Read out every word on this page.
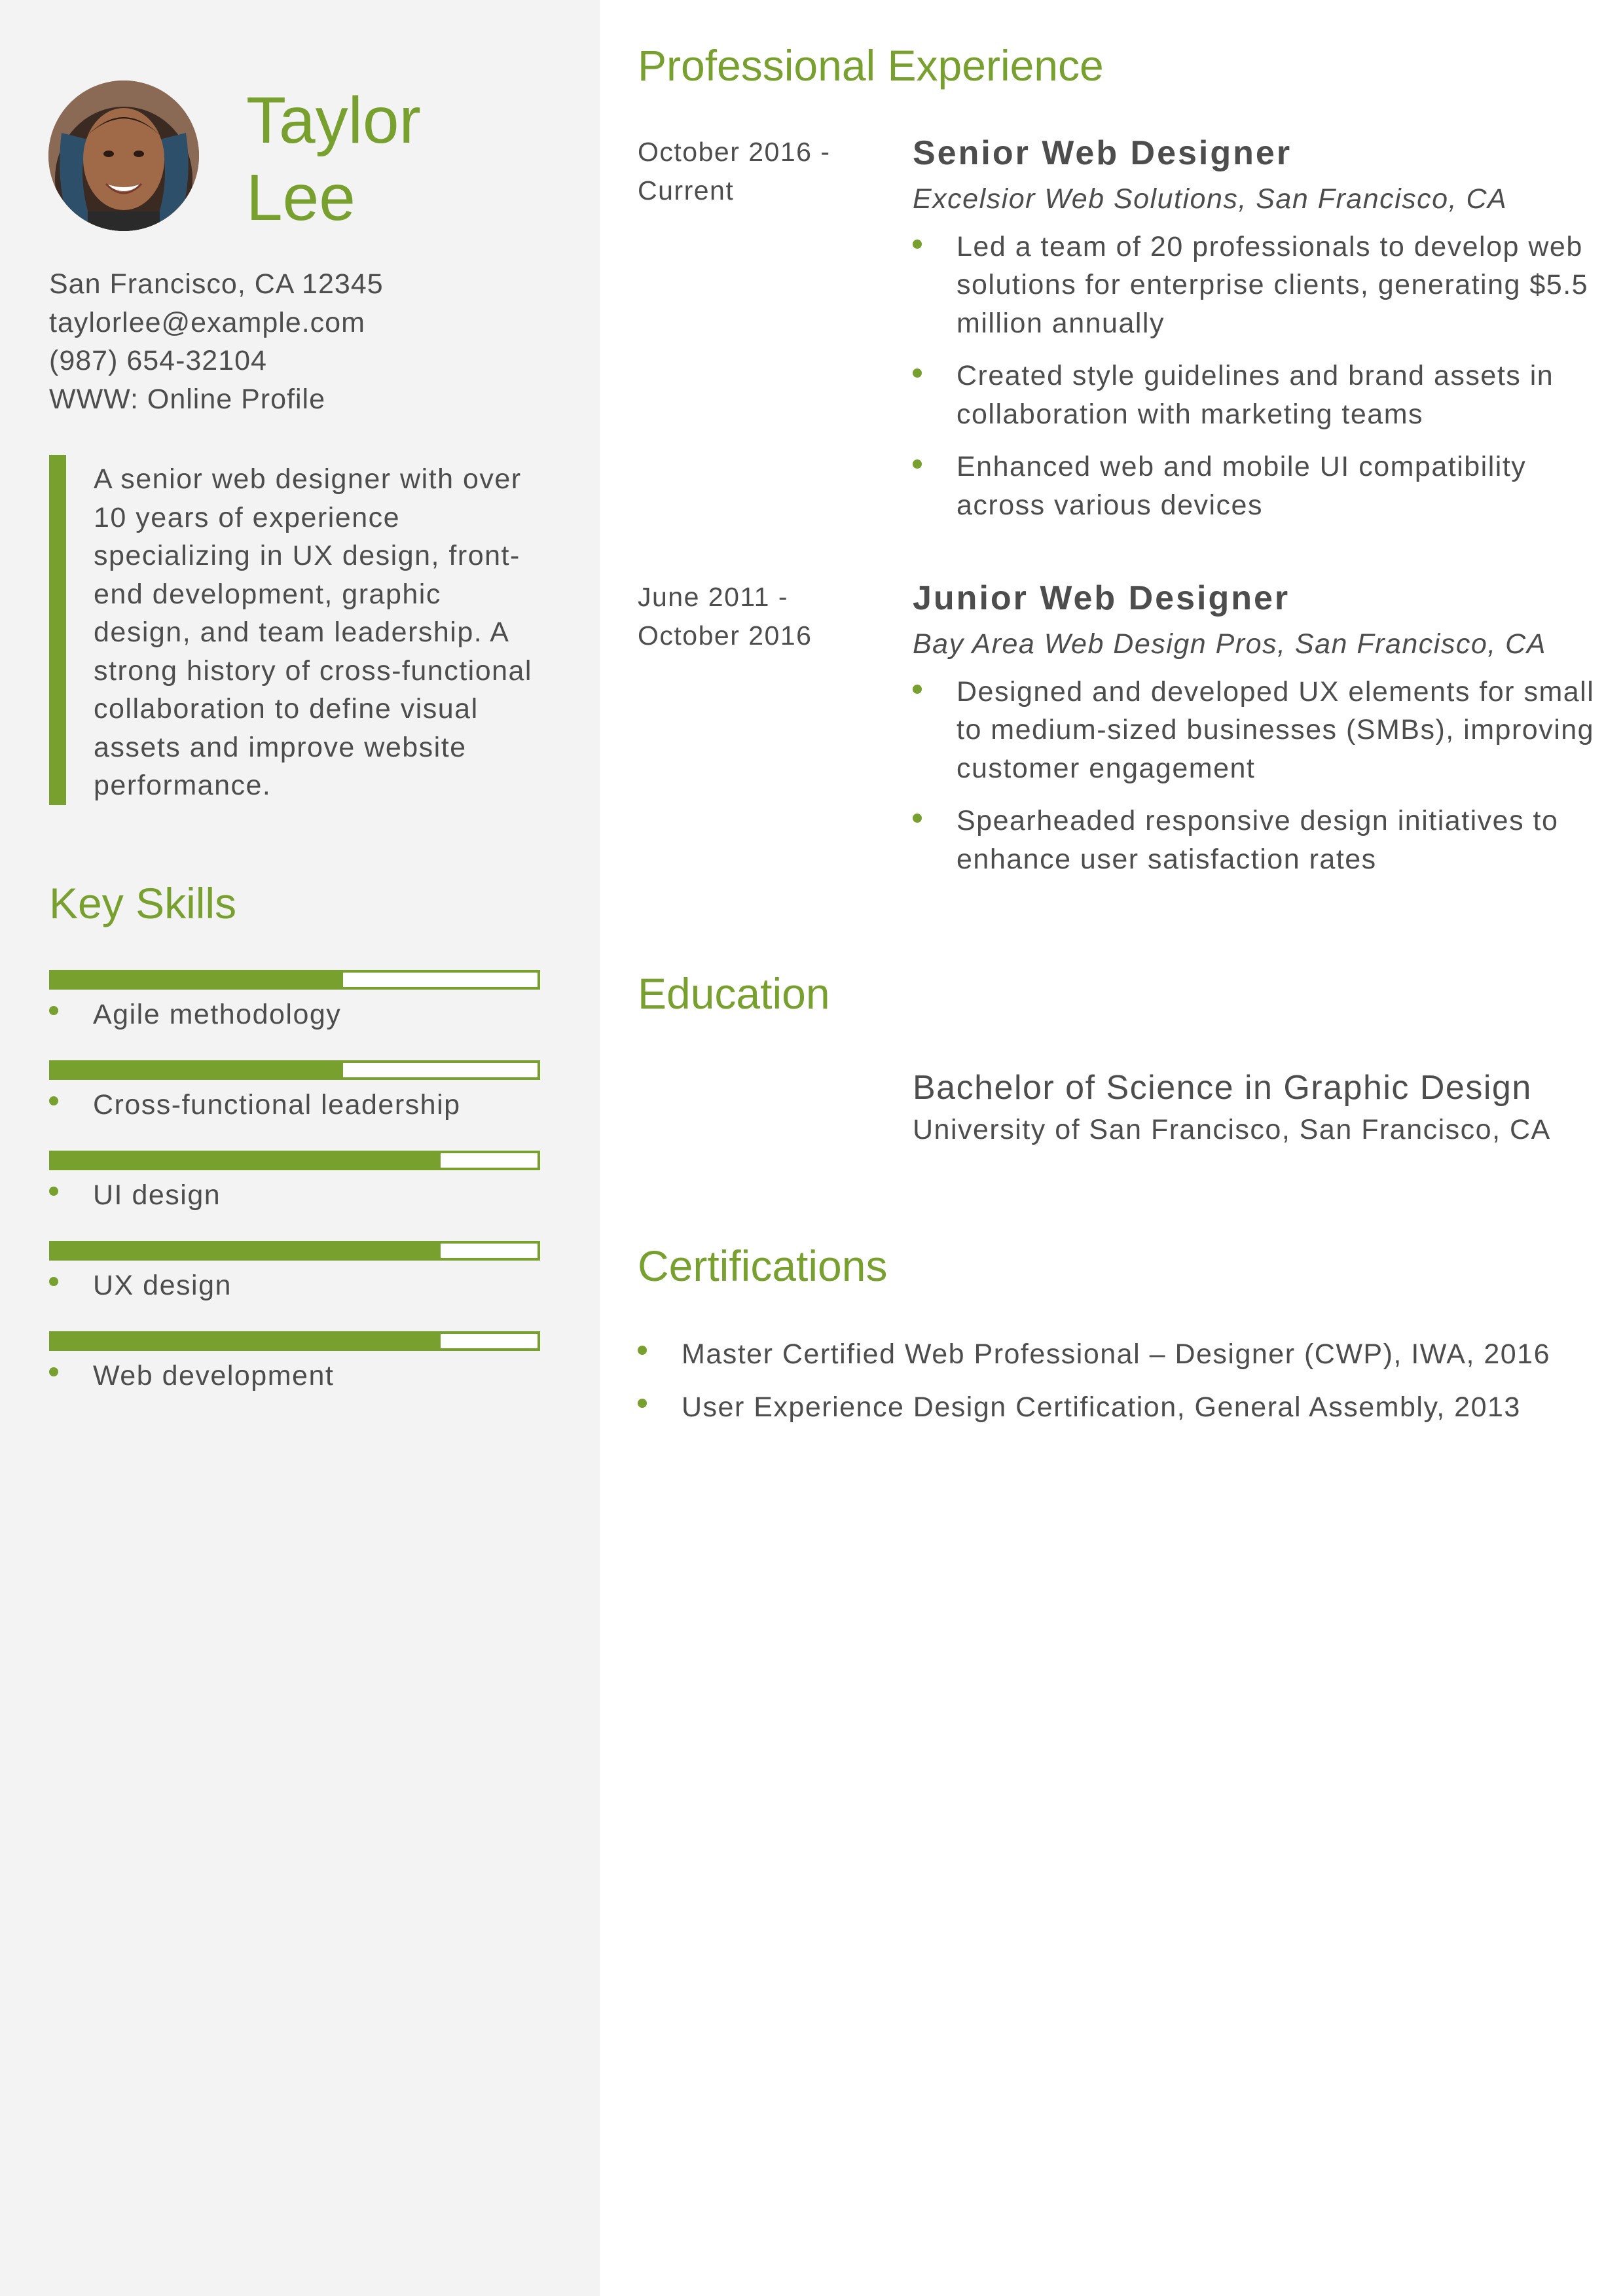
Taylor
Lee
San Francisco, CA 12345
taylorlee@example.com
(987) 654-32104
WWW: Online Profile
A senior web designer with over 10 years of experience specializing in UX design, front-end development, graphic design, and team leadership. A strong history of cross-functional collaboration to define visual assets and improve website performance.
Key Skills
Agile methodology
Cross-functional leadership
UI design
UX design
Web development
Professional Experience
October 2016 -
Current
Senior Web Designer
Excelsior Web Solutions, San Francisco, CA
Led a team of 20 professionals to develop web solutions for enterprise clients, generating $5.5 million annually
Created style guidelines and brand assets in collaboration with marketing teams
Enhanced web and mobile UI compatibility across various devices
June 2011 -
October 2016
Junior Web Designer
Bay Area Web Design Pros, San Francisco, CA
Designed and developed UX elements for small to medium-sized businesses (SMBs), improving customer engagement
Spearheaded responsive design initiatives to enhance user satisfaction rates
Education
Bachelor of Science in Graphic Design
University of San Francisco, San Francisco, CA
Certifications
Master Certified Web Professional – Designer (CWP), IWA, 2016
User Experience Design Certification, General Assembly, 2013
